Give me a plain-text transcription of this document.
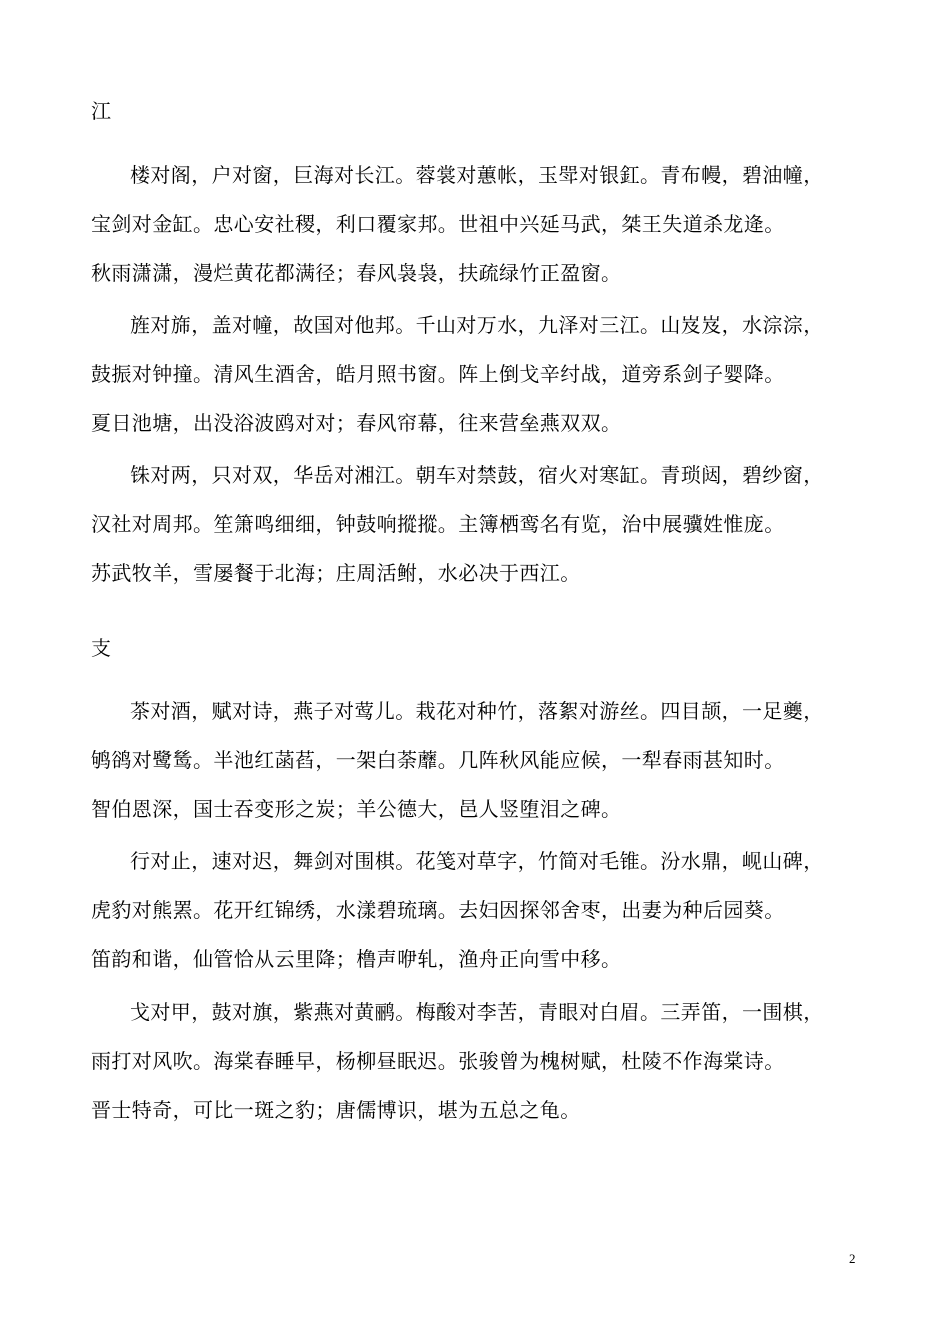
江
楼对阁，户对窗，巨海对长江。蓉裳对蕙帐，玉斝对银釭。青布幔，碧油幢，
宝剑对金缸。忠心安社稷，利口覆家邦。世祖中兴延马武，桀王失道杀龙逄。
秋雨潇潇，漫烂黄花都满径；春风袅袅，扶疏绿竹正盈窗。
旌对旆，盖对幢，故国对他邦。千山对万水，九泽对三江。山岌岌，水淙淙，
鼓振对钟撞。清风生酒舍，皓月照书窗。阵上倒戈辛纣战，道旁系剑子婴降。
夏日池塘，出没浴波鸥对对；春风帘幕，往来营垒燕双双。
铢对两，只对双，华岳对湘江。朝车对禁鼓，宿火对寒缸。青琐闼，碧纱窗，
汉社对周邦。笙箫鸣细细，钟鼓响摐摐。主簿栖鸾名有览，治中展骥姓惟庞。
苏武牧羊，雪屡餐于北海；庄周活鲋，水必决于西江。
支
茶对酒，赋对诗，燕子对莺儿。栽花对种竹，落絮对游丝。四目颉，一足夔，
鸲鹆对鹭鸶。半池红菡萏，一架白荼蘼。几阵秋风能应候，一犁春雨甚知时。
智伯恩深，国士吞变形之炭；羊公德大，邑人竖堕泪之碑。
行对止，速对迟，舞剑对围棋。花笺对草字，竹简对毛锥。汾水鼎，岘山碑，
虎豹对熊罴。花开红锦绣，水漾碧琉璃。去妇因探邻舍枣，出妻为种后园葵。
笛韵和谐，仙管恰从云里降；橹声咿轧，渔舟正向雪中移。
戈对甲，鼓对旗，紫燕对黄鹂。梅酸对李苦，青眼对白眉。三弄笛，一围棋，
雨打对风吹。海棠春睡早，杨柳昼眠迟。张骏曾为槐树赋，杜陵不作海棠诗。
晋士特奇，可比一斑之豹；唐儒博识，堪为五总之龟。
2
